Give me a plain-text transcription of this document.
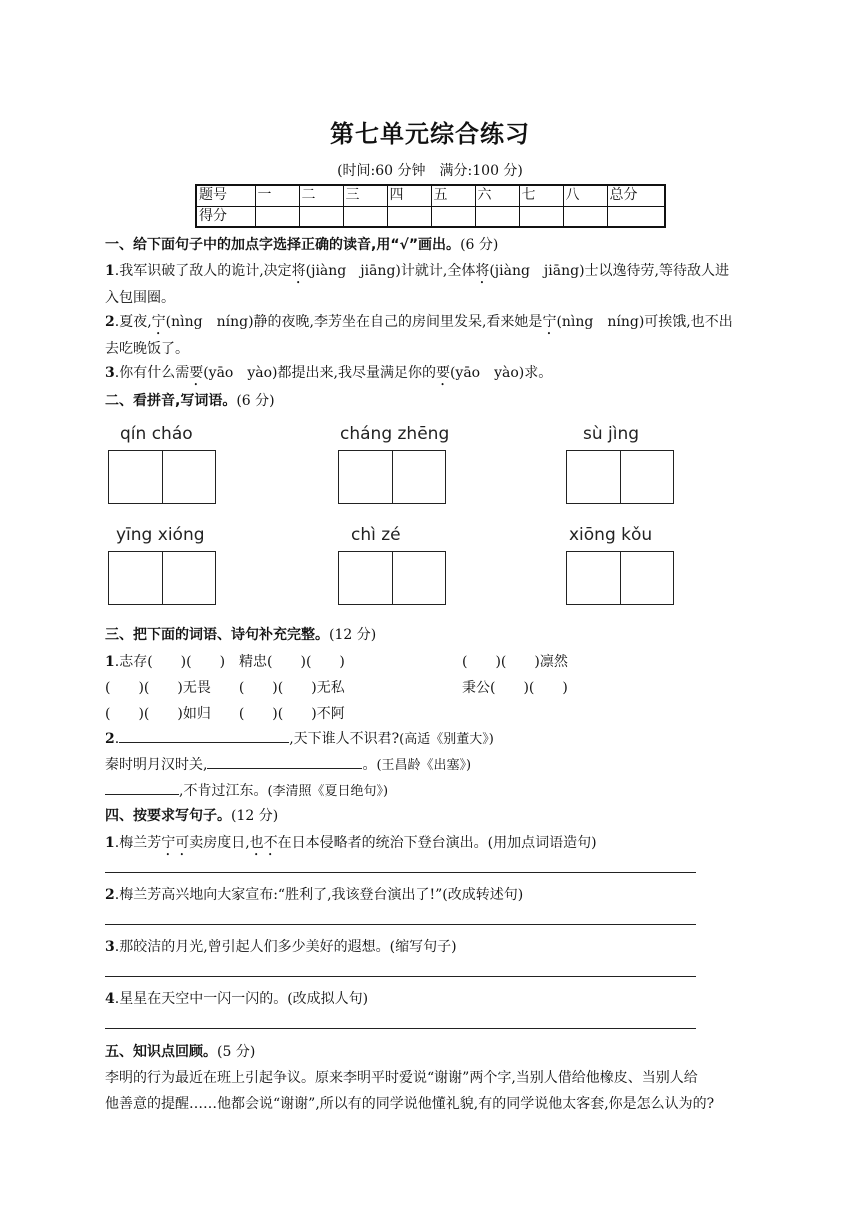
第七单元综合练习
(时间:60 分钟　满分:100 分)
题号	一	二	三	四	五	六	七	八	总分
得分									
一、给下面句子中的加点字选择正确的读音,用“√”画出。(6 分)
1.我军识破了敌人的诡计,决定将(jiàng　jiāng)计就计,全体将(jiàng　jiāng)士以逸待劳,等待敌人进
入包围圈。
2.夏夜,宁(nìng　níng)静的夜晚,李芳坐在自己的房间里发呆,看来她是宁(nìng　níng)可挨饿,也不出
去吃晚饭了。
3.你有什么需要(yāo　yào)都提出来,我尽量满足你的要(yāo　yào)求。
二、看拼音,写词语。(6 分)
qín cháo	cháng zhēng	sù jìng
yīng xióng	chì zé	xiōng kǒu
三、把下面的词语、诗句补充完整。(12 分)
1.志存(　　)(　　)　精忠(　　)(　　)	(　　)(　　)凛然
(　　)(　　)无畏　　(　　)(　　)无私	秉公(　　)(　　)
(　　)(　　)如归　　(　　)(　　)不阿
2.	,天下谁人不识君?(高适《别董大》)
秦时明月汉时关,	。(王昌龄《出塞》)
,不肯过江东。(李清照《夏日绝句》)
四、按要求写句子。(12 分)
1.梅兰芳宁可卖房度日,也不在日本侵略者的统治下登台演出。(用加点词语造句)
2.梅兰芳高兴地向大家宣布:“胜利了,我该登台演出了!”(改成转述句)
3.那皎洁的月光,曾引起人们多少美好的遐想。(缩写句子)
4.星星在天空中一闪一闪的。(改成拟人句)
五、知识点回顾。(5 分)
李明的行为最近在班上引起争议。原来李明平时爱说“谢谢”两个字,当别人借给他橡皮、当别人给
他善意的提醒……他都会说“谢谢”,所以有的同学说他懂礼貌,有的同学说他太客套,你是怎么认为的?
